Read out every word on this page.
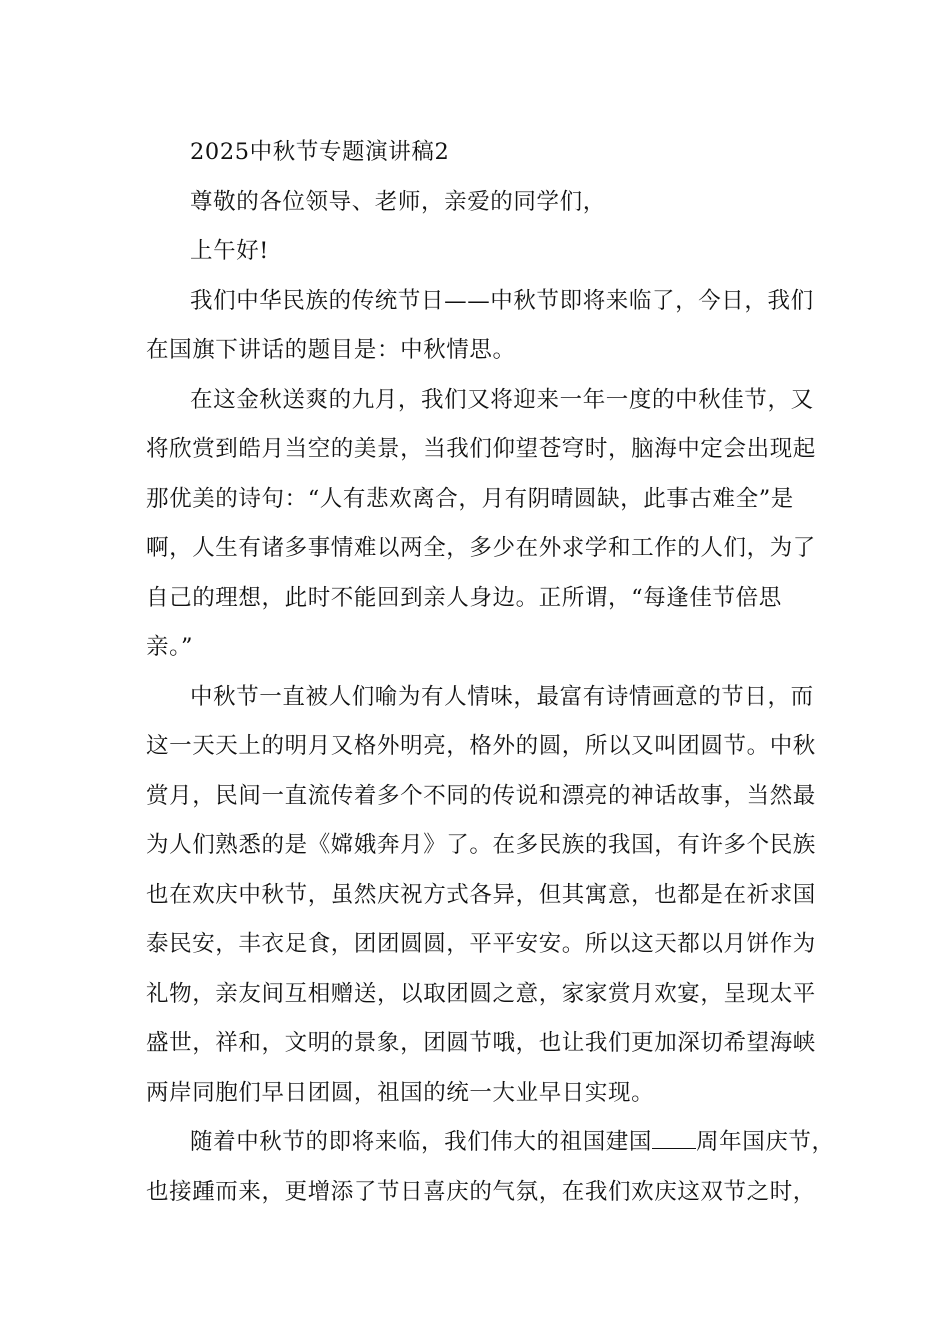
2025中秋节专题演讲稿2
尊敬的各位领导、老师，亲爱的同学们，
上午好!
我们中华民族的传统节日——中秋节即将来临了，今日，我们
在国旗下讲话的题目是：中秋情思。
在这金秋送爽的九月，我们又将迎来一年一度的中秋佳节，又
将欣赏到皓月当空的美景，当我们仰望苍穹时，脑海中定会出现起
那优美的诗句：“人有悲欢离合，月有阴晴圆缺，此事古难全”是
啊，人生有诸多事情难以两全，多少在外求学和工作的人们，为了
自己的理想，此时不能回到亲人身边。正所谓，“每逢佳节倍思
亲。”
中秋节一直被人们喻为有人情味，最富有诗情画意的节日，而
这一天天上的明月又格外明亮，格外的圆，所以又叫团圆节。中秋
赏月，民间一直流传着多个不同的传说和漂亮的神话故事，当然最
为人们熟悉的是《嫦娥奔月》了。在多民族的我国，有许多个民族
也在欢庆中秋节，虽然庆祝方式各异，但其寓意，也都是在祈求国
泰民安，丰衣足食，团团圆圆，平平安安。所以这天都以月饼作为
礼物，亲友间互相赠送，以取团圆之意，家家赏月欢宴，呈现太平
盛世，祥和，文明的景象，团圆节哦，也让我们更加深切希望海峡
两岸同胞们早日团圆，祖国的统一大业早日实现。
随着中秋节的即将来临，我们伟大的祖国建国 周年国庆节，
也接踵而来，更增添了节日喜庆的气氛，在我们欢庆这双节之时，
